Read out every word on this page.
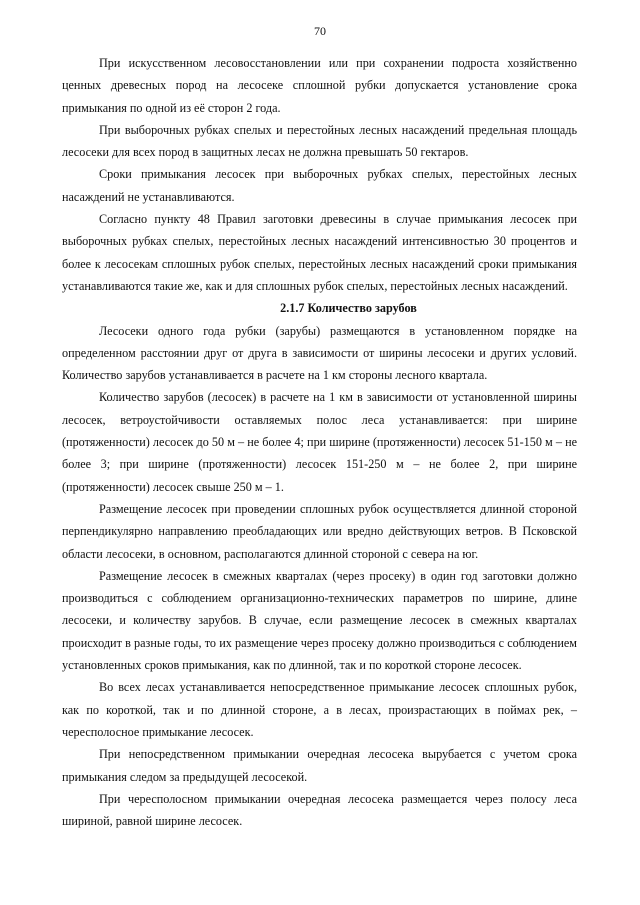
70

При искусственном лесовосстановлении или при сохранении подроста хозяйственно ценных древесных пород на лесосеке сплошной рубки допускается установление срока примыкания по одной из её сторон 2 года.

При выборочных рубках спелых и перестойных лесных насаждений предельная площадь лесосеки для всех пород в защитных лесах не должна превышать 50 гектаров.

Сроки примыкания лесосек при выборочных рубках спелых, перестойных лесных насаждений не устанавливаются.

Согласно пункту 48 Правил заготовки древесины в случае примыкания лесосек при выборочных рубках спелых, перестойных лесных насаждений интенсивностью 30 процентов и более к лесосекам сплошных рубок спелых, перестойных лесных насаждений сроки примыкания устанавливаются такие же, как и для сплошных рубок спелых, перестойных лесных насаждений.

2.1.7 Количество зарубов

Лесосеки одного года рубки (зарубы) размещаются в установленном порядке на определенном расстоянии друг от друга в зависимости от ширины лесосеки и других условий. Количество зарубов устанавливается в расчете на 1 км стороны лесного квартала.

Количество зарубов (лесосек) в расчете на 1 км в зависимости от установленной ширины лесосек, ветроустойчивости оставляемых полос леса устанавливается: при ширине (протяженности) лесосек до 50 м – не более 4; при ширине (протяженности) лесосек 51-150 м – не более 3; при ширине (протяженности) лесосек 151-250 м – не более 2, при ширине (протяженности) лесосек свыше 250 м – 1.

Размещение лесосек при проведении сплошных рубок осуществляется длинной стороной перпендикулярно направлению преобладающих или вредно действующих ветров. В Псковской области лесосеки, в основном, располагаются длинной стороной с севера на юг.

Размещение лесосек в смежных кварталах (через просеку) в один год заготовки должно производиться с соблюдением организационно-технических параметров по ширине, длине лесосеки, и количеству зарубов. В случае, если размещение лесосек в смежных кварталах происходит в разные годы, то их размещение через просеку должно производиться с соблюдением установленных сроков примыкания, как по длинной, так и по короткой стороне лесосек.

Во всех лесах устанавливается непосредственное примыкание лесосек сплошных рубок, как по короткой, так и по длинной стороне, а в лесах, произрастающих в поймах рек, – чересполосное примыкание лесосек.

При непосредственном примыкании очередная лесосека вырубается с учетом срока примыкания следом за предыдущей лесосекой.

При чересполосном примыкании очередная лесосека размещается через полосу леса шириной, равной ширине лесосек.
